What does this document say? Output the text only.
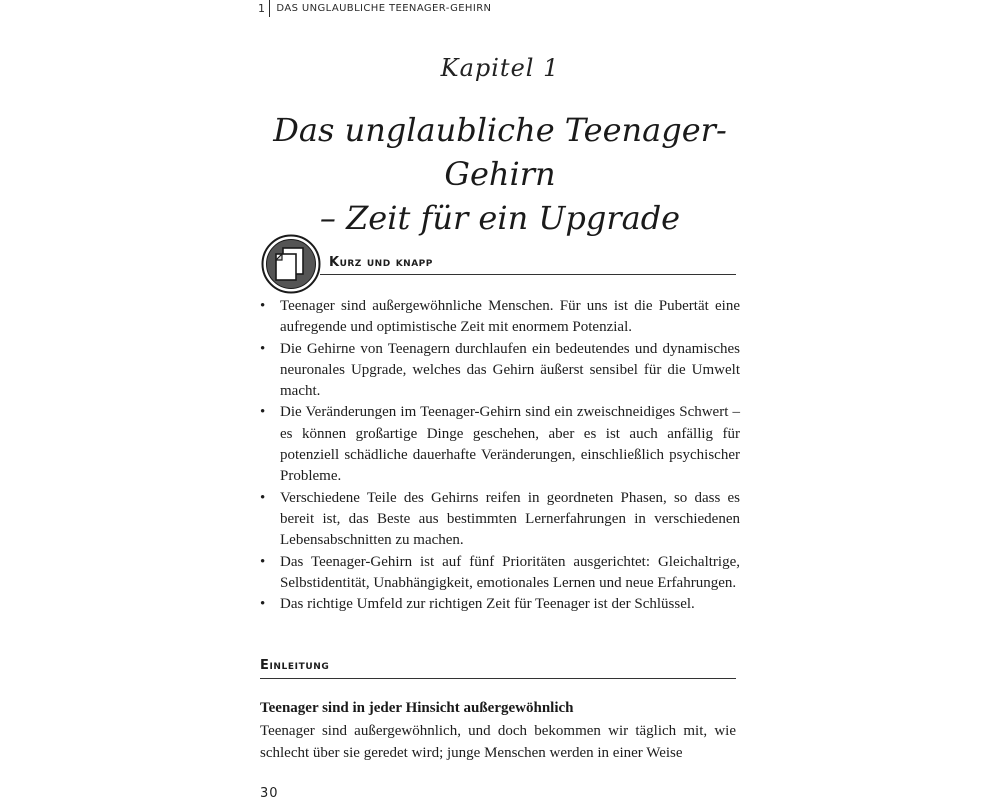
1	DAS UNGLAUBLICHE TEENAGER-GEHIRN
Kapitel 1
Das unglaubliche Teenager-Gehirn
– Zeit für ein Upgrade
Kurz und knapp
• Teenager sind außergewöhnliche Menschen. Für uns ist die Pubertät eine aufregende und optimistische Zeit mit enormem Potenzial.
• Die Gehirne von Teenagern durchlaufen ein bedeutendes und dynamisches neuronales Upgrade, welches das Gehirn äußerst sensibel für die Umwelt macht.
• Die Veränderungen im Teenager-Gehirn sind ein zweischneidiges Schwert – es können großartige Dinge geschehen, aber es ist auch anfällig für potenziell schädliche dauerhafte Veränderungen, einschließlich psychischer Probleme.
• Verschiedene Teile des Gehirns reifen in geordneten Phasen, so dass es bereit ist, das Beste aus bestimmten Lernerfahrungen in verschiedenen Lebensabschnitten zu machen.
• Das Teenager-Gehirn ist auf fünf Prioritäten ausgerichtet: Gleichaltrige, Selbstidentität, Unabhängigkeit, emotionales Lernen und neue Erfahrungen.
• Das richtige Umfeld zur richtigen Zeit für Teenager ist der Schlüssel.
Einleitung
Teenager sind in jeder Hinsicht außergewöhnlich
Teenager sind außergewöhnlich, und doch bekommen wir täglich mit, wie schlecht über sie geredet wird; junge Menschen werden in einer Weise
30
